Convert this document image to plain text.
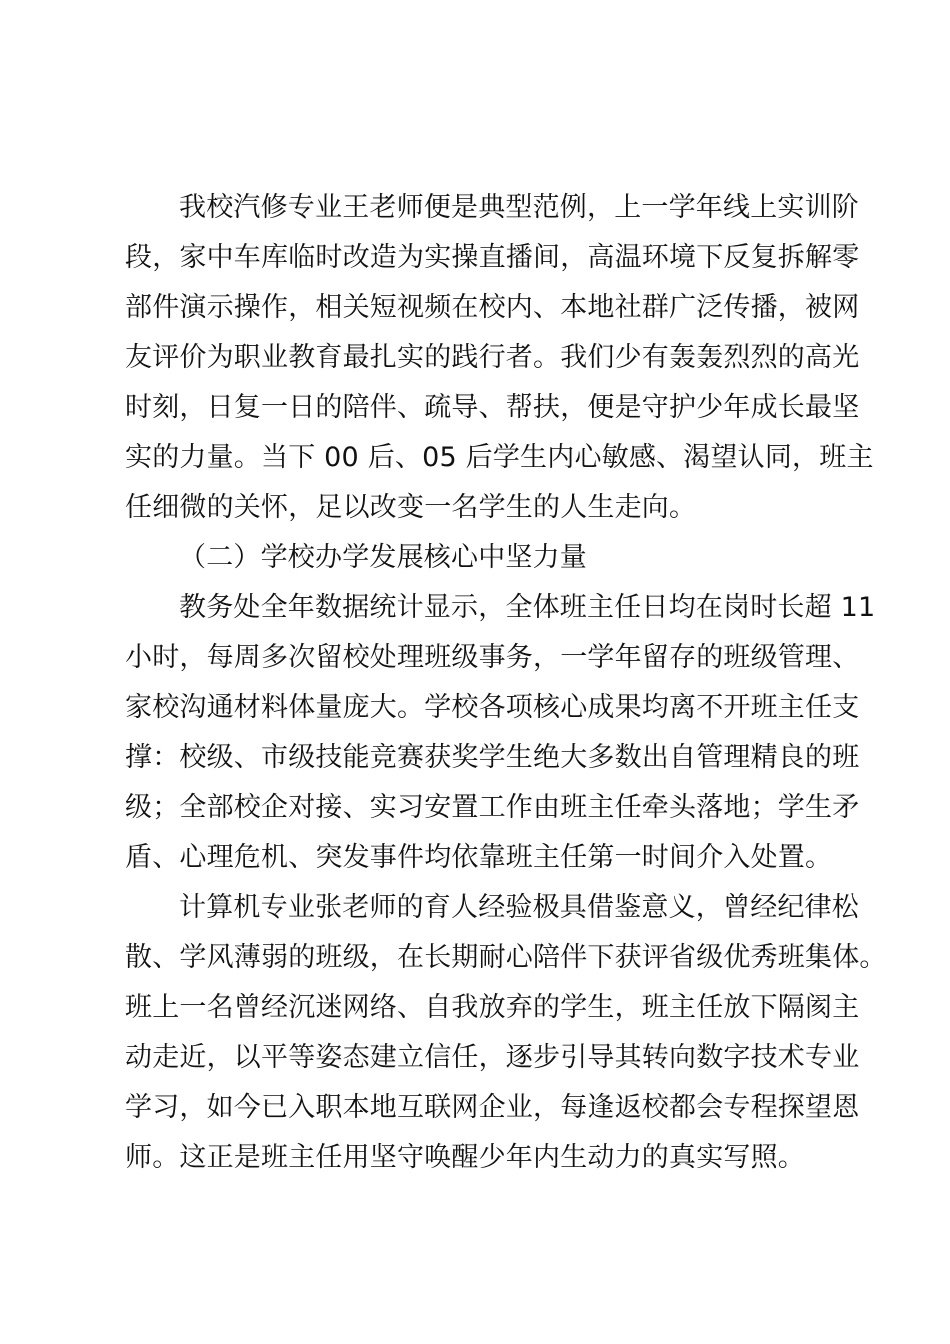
我校汽修专业王老师便是典型范例，上一学年线上实训阶
段，家中车库临时改造为实操直播间，高温环境下反复拆解零
部件演示操作，相关短视频在校内、本地社群广泛传播，被网
友评价为职业教育最扎实的践行者。我们少有轰轰烈烈的高光
时刻，日复一日的陪伴、疏导、帮扶，便是守护少年成长最坚
实的力量。当下 00 后、05 后学生内心敏感、渴望认同，班主
任细微的关怀，足以改变一名学生的人生走向。
（二）学校办学发展核心中坚力量
教务处全年数据统计显示，全体班主任日均在岗时长超 11
小时，每周多次留校处理班级事务，一学年留存的班级管理、
家校沟通材料体量庞大。学校各项核心成果均离不开班主任支
撑：校级、市级技能竞赛获奖学生绝大多数出自管理精良的班
级；全部校企对接、实习安置工作由班主任牵头落地；学生矛
盾、心理危机、突发事件均依靠班主任第一时间介入处置。
计算机专业张老师的育人经验极具借鉴意义，曾经纪律松
散、学风薄弱的班级，在长期耐心陪伴下获评省级优秀班集体。
班上一名曾经沉迷网络、自我放弃的学生，班主任放下隔阂主
动走近，以平等姿态建立信任，逐步引导其转向数字技术专业
学习，如今已入职本地互联网企业，每逢返校都会专程探望恩
师。这正是班主任用坚守唤醒少年内生动力的真实写照。
